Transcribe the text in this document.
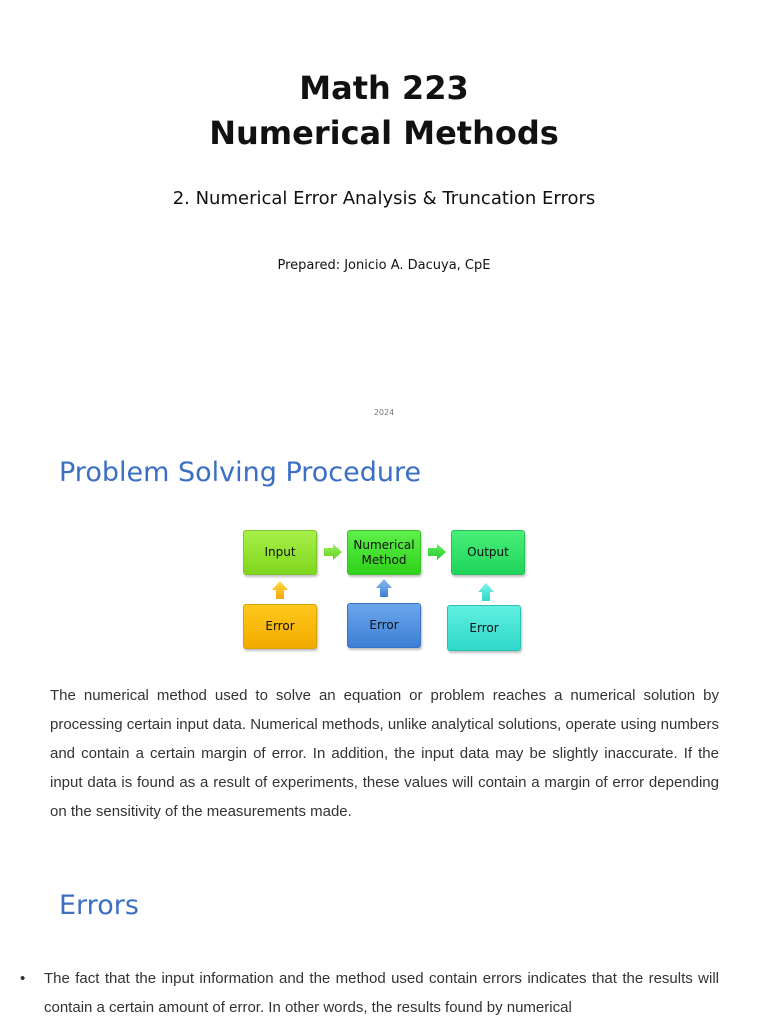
Math 223
Numerical Methods

2. Numerical Error Analysis & Truncation Errors

Prepared: Jonicio A. Dacuya, CpE

2024

Problem Solving Procedure
Input
Numerical
Method
Output
Error	Error	Error

The numerical method used to solve an equation or problem reaches a numerical solution by processing certain input data. Numerical methods, unlike analytical solutions, operate using numbers and contain a certain margin of error. In addition, the input data may be slightly inaccurate. If the input data is found as a result of experiments, these values will contain a margin of error depending on the sensitivity of the measurements made.

Errors
• The fact that the input information and the method used contain errors indicates that the results will contain a certain amount of error. In other words, the results found by numerical
